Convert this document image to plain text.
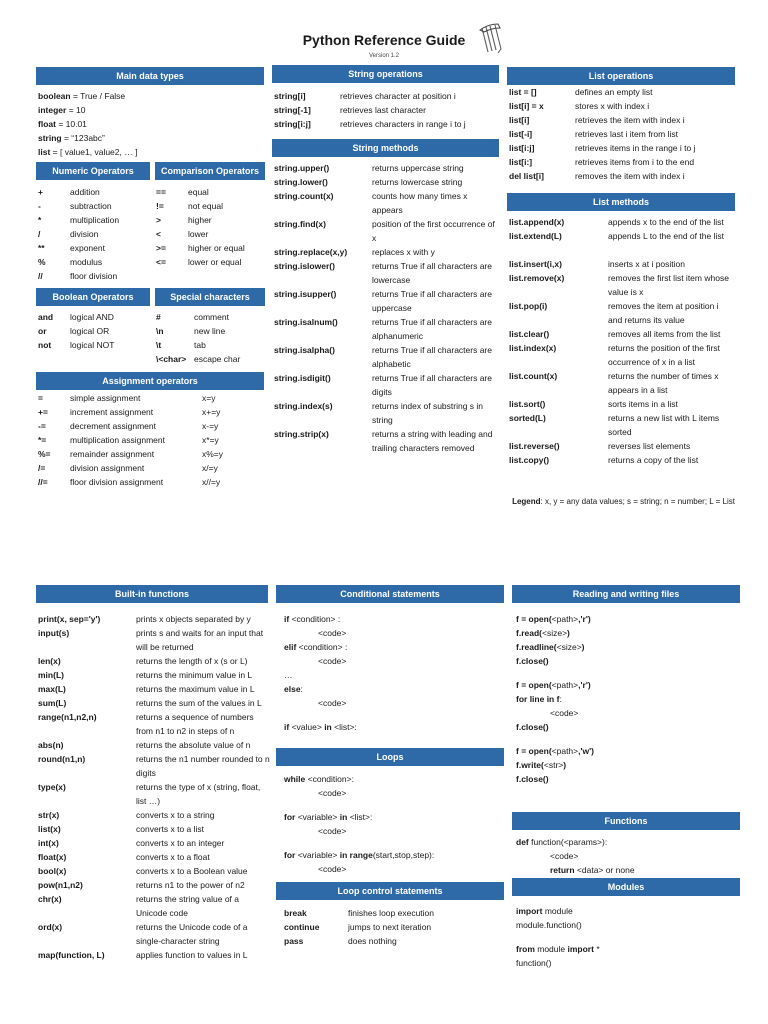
Python Reference Guide
Version 1.2
Main data types
boolean = True / False
integer = 10
float = 10.01
string = “123abc”
list = [ value1, value2, … ]
Numeric Operators
+	addition
-	subtraction
*	multiplication
/	division
**	exponent
%	modulus
//	floor division
Comparison Operators
==	equal
!=	not equal
>	higher
<	lower
>=	higher or equal
<=	lower or equal
Boolean Operators
and logical AND
or	logical OR
not logical NOT
Special characters
#	comment
\n	new line
\t	tab
\<char> escape char
Assignment operators
=	simple assignment	x=y
+=	increment assignment	x+=y
-=	decrement assignment	x-=y
*=	multiplication assignment	x*=y
%= remainder assignment	x%=y
/=	division assignment	x/=y
//=	floor division assignment	x//=y
String operations
string[i]	retrieves character at position i
string[-1]	retrieves last character
string[i:j]	retrieves characters in range i to j
String methods
string.upper()	returns uppercase string
string.lower()	returns lowercase string
string.count(x)	counts how many times x appears
string.find(x)	position of the first occurrence of x
string.replace(x,y)	replaces x with y
string.islower()	returns True if all characters are lowercase
string.isupper()	returns True if all characters are uppercase
string.isalnum()	returns True if all characters are alphanumeric
string.isalpha()	returns True if all characters are alphabetic
string.isdigit()	returns True if all characters are digits
string.index(s)	returns index of substring s in string
string.strip(x)	returns a string with leading and trailing characters removed
List operations
list = []	defines an empty list
list[i] = x	stores x with index i
list[i]	retrieves the item with index i
list[-i]	retrieves last i item from list
list[i:j]	retrieves items in the range i to j
list[i:]	retrieves items from i to the end
del list[i]	removes the item with index i
List methods
list.append(x)	appends x to the end of the list
list.extend(L)	appends L to the end of the list
list.insert(i,x)	inserts x at i position
list.remove(x)	removes the first list item whose value is x
list.pop(i)	removes the item at position i and returns its value
list.clear()	removes all items from the list
list.index(x)	returns the position of the first occurrence of x in a list
list.count(x)	returns the number of times x appears in a list
list.sort()	sorts items in a list
sorted(L)	returns a new list with L items sorted
list.reverse()	reverses list elements
list.copy()	returns a copy of the list
Legend: x, y = any data values; s = string; n = number; L = List
Built-in functions
print(x, sep='y')	prints x objects separated by y
input(s)	prints s and waits for an input that will be returned
len(x)	returns the length of x (s or L)
min(L)	returns the minimum value in L
max(L)	returns the maximum value in L
sum(L)	returns the sum of the values in L
range(n1,n2,n)	returns a sequence of numbers from n1 to n2 in steps of n
abs(n)	returns the absolute value of n
round(n1,n)	returns the n1 number rounded to n digits
type(x)	returns the type of x (string, float, list …)
str(x)	converts x to a string
list(x)	converts x to a list
int(x)	converts x to an integer
float(x)	converts x to a float
bool(x)	converts x to a Boolean value
pow(n1,n2)	returns n1 to the power of n2
chr(x)	returns the string value of a Unicode code
ord(x)	returns the Unicode code of a single-character string
map(function, L)	applies function to values in L
Conditional statements
if <condition> :
<code>
elif <condition> :
<code>
…
else:
<code>
if <value> in <list>:
Loops
while <condition>:
<code>
for <variable> in <list>:
<code>
for <variable> in range(start,stop,step):
<code>
Loop control statements
break	finishes loop execution
continue	jumps to next iteration
pass	does nothing
Reading and writing files
f = open(<path>,'r')
f.read(<size>)
f.readline(<size>)
f.close()
f = open(<path>,'r')
for line in f:
<code>
f.close()
f = open(<path>,'w')
f.write(<str>)
f.close()
Functions
def function(<params>):
<code>
return <data> or none
Modules
import module
module.function()
from module import *
function()
